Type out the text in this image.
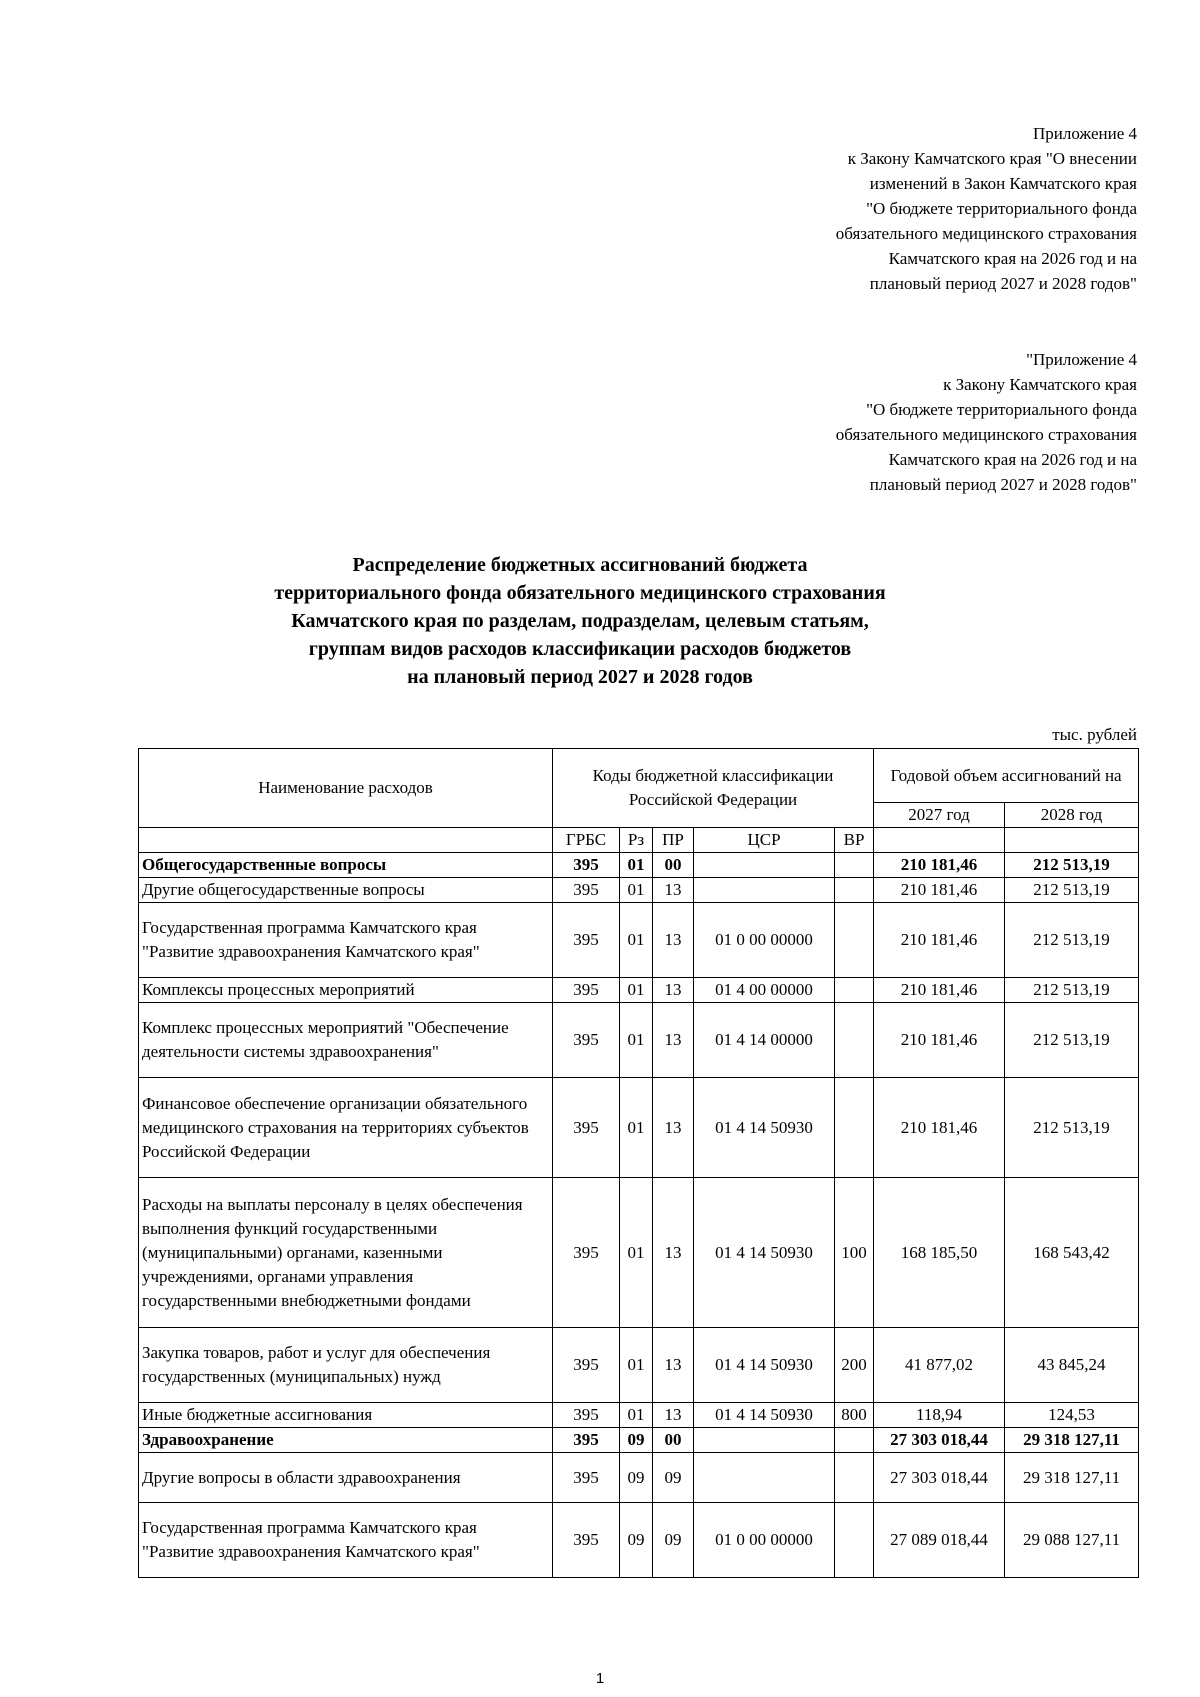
Приложение 4
к Закону Камчатского края "О внесении
изменений в Закон Камчатского края
"О бюджете территориального фонда
обязательного медицинского страхования
Камчатского края на 2026 год и на
плановый период 2027 и 2028 годов"
"Приложение 4
к Закону Камчатского края
"О бюджете территориального фонда
обязательного медицинского страхования
Камчатского края на 2026 год и на
плановый период 2027 и 2028 годов"
Распределение бюджетных ассигнований бюджета
территориального фонда обязательного медицинского страхования
Камчатского края по разделам, подразделам, целевым статьям,
группам видов расходов классификации расходов бюджетов
на плановый период 2027 и 2028 годов
тыс. рублей
Наименование расходов	Коды бюджетной классификации Российской Федерации					Годовой объем ассигнований на	
						2027 год	2028 год
	ГРБС	Рз	ПР	ЦСР	ВР		
Общегосударственные вопросы	395	01	00			210 181,46	212 513,19
Другие общегосударственные вопросы	395	01	13			210 181,46	212 513,19
Государственная программа Камчатского края "Развитие здравоохранения Камчатского края"	395	01	13	01 0 00 00000		210 181,46	212 513,19
Комплексы процессных мероприятий	395	01	13	01 4 00 00000		210 181,46	212 513,19
Комплекс процессных мероприятий "Обеспечение деятельности системы здравоохранения"	395	01	13	01 4 14 00000		210 181,46	212 513,19
Финансовое обеспечение организации обязательного медицинского страхования на территориях субъектов Российской Федерации	395	01	13	01 4 14 50930		210 181,46	212 513,19
Расходы на выплаты персоналу в целях обеспечения выполнения функций государственными (муниципальными) органами, казенными учреждениями, органами управления государственными внебюджетными фондами	395	01	13	01 4 14 50930	100	168 185,50	168 543,42
Закупка товаров, работ и услуг для обеспечения государственных (муниципальных) нужд	395	01	13	01 4 14 50930	200	41 877,02	43 845,24
Иные бюджетные ассигнования	395	01	13	01 4 14 50930	800	118,94	124,53
Здравоохранение	395	09	00			27 303 018,44	29 318 127,11
Другие вопросы в области здравоохранения	395	09	09			27 303 018,44	29 318 127,11
Государственная программа Камчатского края "Развитие здравоохранения Камчатского края"	395	09	09	01 0 00 00000		27 089 018,44	29 088 127,11
1
